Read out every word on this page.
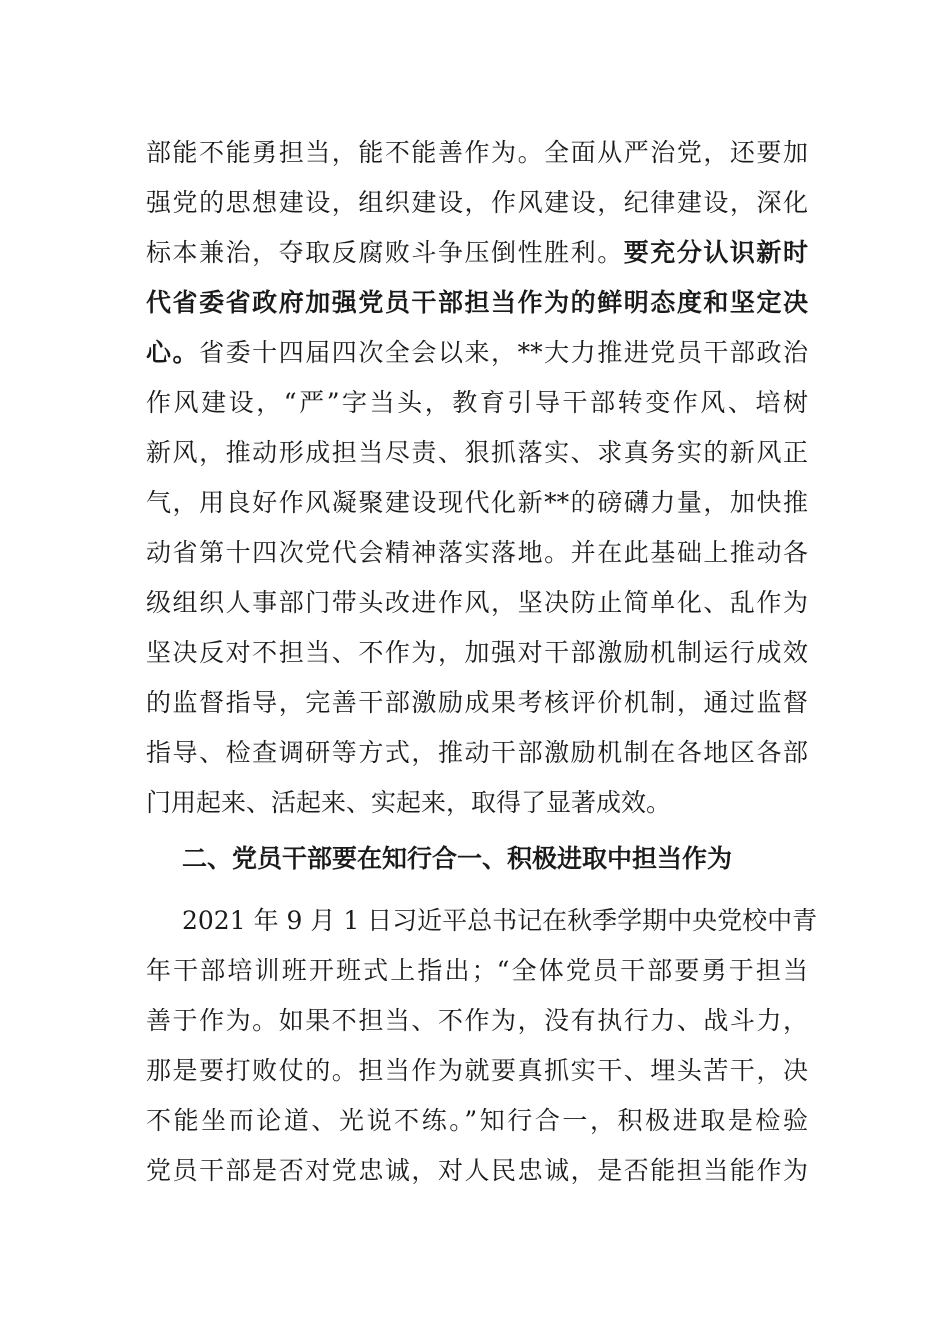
部能不能勇担当，能不能善作为。全面从严治党，还要加
强党的思想建设，组织建设，作风建设，纪律建设，深化
标本兼治，夺取反腐败斗争压倒性胜利。要充分认识新时
代省委省政府加强党员干部担当作为的鲜明态度和坚定决
心。省委十四届四次全会以来，**大力推进党员干部政治
作风建设，“严”字当头，教育引导干部转变作风、培树
新风，推动形成担当尽责、狠抓落实、求真务实的新风正
气，用良好作风凝聚建设现代化新**的磅礴力量，加快推
动省第十四次党代会精神落实落地。并在此基础上推动各
级组织人事部门带头改进作风，坚决防止简单化、乱作为
坚决反对不担当、不作为，加强对干部激励机制运行成效
的监督指导，完善干部激励成果考核评价机制，通过监督
指导、检查调研等方式，推动干部激励机制在各地区各部
门用起来、活起来、实起来，取得了显著成效。
二、党员干部要在知行合一、积极进取中担当作为
2021 年 9 月 1 日习近平总书记在秋季学期中央党校中青
年干部培训班开班式上指出；“全体党员干部要勇于担当
善于作为。如果不担当、不作为，没有执行力、战斗力，
那是要打败仗的。担当作为就要真抓实干、埋头苦干，决
不能坐而论道、光说不练。”知行合一，积极进取是检验
党员干部是否对党忠诚，对人民忠诚，是否能担当能作为
